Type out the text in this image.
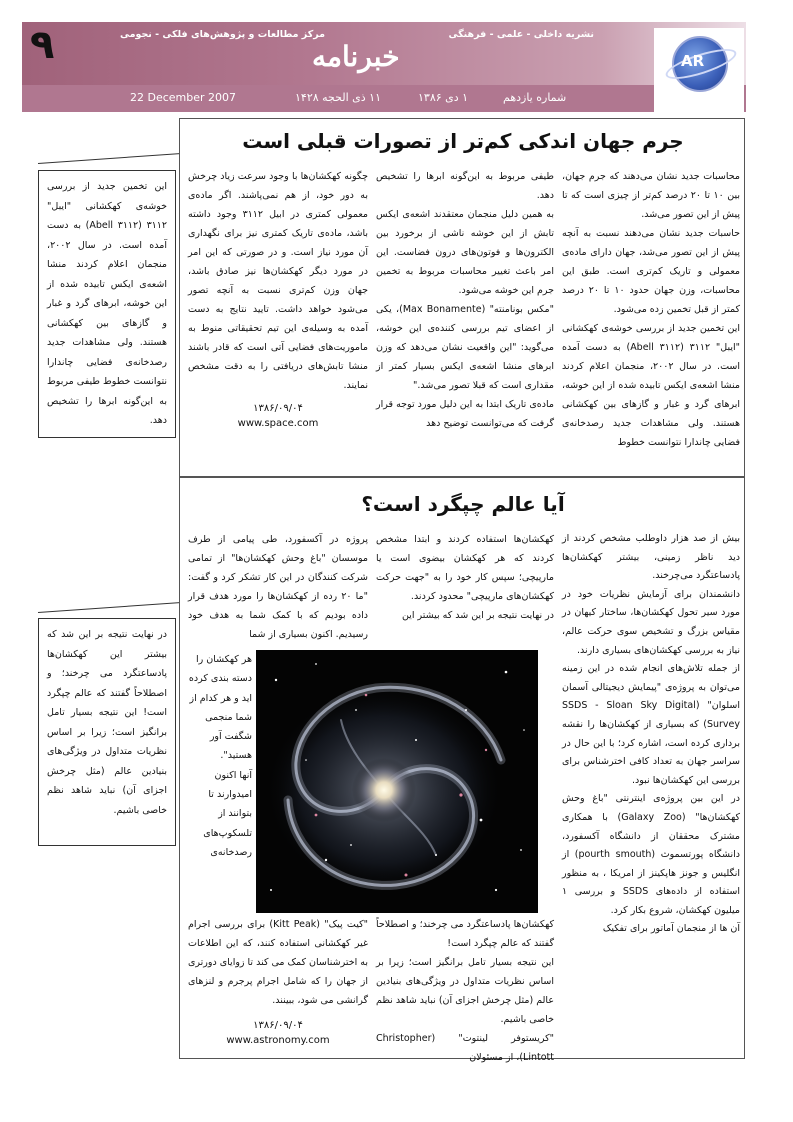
22 December 2007	۱۱ ذی الحجه ۱۴۲۸	۱ دی ۱۳۸۶	شماره یازدهم
۹	نشریه داخلی - علمی - فرهنگی
مرکز مطالعات و پژوهش‌های فلکی - نجومی
خبرنامه	AR
این تخمین جدید از بررسی خوشه‌ی کهکشانی "ایبل" ۳۱۱۲ (Abell ۳۱۱۲) به دست آمده است. در سال ۲۰۰۲، منجمان اعلام کردند منشا اشعه‌ی ایکس تابیده شده از این خوشه، ابرهای گرد و غبار و گازهای بین کهکشانی هستند. ولی مشاهدات جدید رصدخانه‌ی فضایی چاندارا نتوانست خطوط طیفی مربوط به این‌گونه ابرها را تشخیص دهد.
در نهایت نتیجه بر این شد که بیشتر این کهکشان‌ها پادساعتگرد می چرخند؛ و اصطلاحاً گفتند که عالم چپگرد است! این نتیجه بسیار تامل برانگیز است؛ زیرا بر اساس نظریات متداول در ویژگی‌های بنیادین عالم (مثل چرخش اجزای آن) نباید شاهد نظم خاصی باشیم.
جرم جهان اندکی کم‌تر از تصورات قبلی است

محاسبات جدید نشان می‌دهند که جرم جهان، بین ۱۰ تا ۲۰ درصد کم‌تر از چیزی است که تا پیش از این تصور می‌شد.

حاسبات جدید نشان می‌دهند نسبت به آنچه پیش از این تصور می‌شد، جهان دارای ماده‌ی معمولی و تاریک کم‌تری است. طبق این محاسبات، وزن جهان حدود ۱۰ تا ۲۰ درصد کمتر از قبل تخمین زده می‌شود.

این تخمین جدید از بررسی خوشه‌ی کهکشانی "ایبل" ۳۱۱۲ (Abell ۳۱۱۲) به دست آمده است. در سال ۲۰۰۲، منجمان اعلام کردند منشا اشعه‌ی ایکس تابیده شده از این خوشه، ابرهای گرد و غبار و گازهای بین کهکشانی هستند. ولی مشاهدات جدید رصدخانه‌ی فضایی چاندارا نتوانست خطوط

طیفی مربوط به این‌گونه ابرها را تشخیص دهد.

به همین دلیل منجمان معتقدند اشعه‌ی ایکس تابش از این خوشه ناشی از برخورد بین الکترون‌ها و فوتون‌های درون فضاست. این امر باعث تغییر محاسبات مربوط به تخمین جرم این خوشه می‌شود.

"مکس بونامنته" (Max Bonamente)، یکی از اعضای تیم بررسی کننده‌ی این خوشه، می‌گوید: "این واقعیت نشان می‌دهد که وزن ابرهای منشا اشعه‌ی ایکس بسیار کمتر از مقداری است که قبلا تصور می‌شد."

ماده‌ی تاریک ابتدا به این دلیل مورد توجه قرار گرفت که می‌توانست توضیح دهد

چگونه کهکشان‌ها با وجود سرعت زیاد چرخش به دور خود، از هم نمی‌پاشند. اگر ماده‌ی معمولی کمتری در ابیل ۳۱۱۲ وجود داشته باشد، ماده‌ی تاریک کمتری نیز برای نگهداری آن مورد نیاز است. و در صورتی که این امر در مورد دیگر کهکشان‌ها نیز صادق باشد، جهان وزن کم‌تری نسبت به آنچه تصور می‌شود خواهد داشت. تایید نتایج به دست آمده به وسیله‌ی این تیم تحقیقاتی منوط به ماموریت‌های فضایی آتی است که قادر باشند منشا تابش‌های دریافتی را به دقت مشخص نمایند.

۱۳۸۶/۰۹/۰۴
www.space.com
آیا عالم چپگرد است؟

بیش از صد هزار داوطلب مشخص کردند از دید ناظر زمینی، بیشتر کهکشان‌ها پادساعتگرد می‌چرخند.

دانشمندان برای آزمایش نظریات خود در مورد سیر تحول کهکشان‌ها، ساختار کیهان در مقیاس بزرگ و تشخیص سوی حرکت عالم، نیاز به بررسی کهکشان‌های بسیاری دارند.

از جمله تلاش‌های انجام شده در این زمینه می‌توان به پروژه‌ی "پیمایش دیجیتالی آسمان اسلوان" (SSDS - Sloan Sky Digital Survey) که بسیاری از کهکشان‌ها را نقشه برداری کرده است، اشاره کرد؛ با این حال در سراسر جهان به تعداد کافی اخترشناس برای بررسی این کهکشان‌ها نبود.

در این بین پروژه‌ی اینترنتی "باغ وحش کهکشان‌ها" (Galaxy Zoo) با همکاری مشترک محققان از دانشگاه آکسفورد، دانشگاه پورتسموث (pourth smouth) از انگلیس و جونز هاپکینز از امریکا ، به منظور استفاده از داده‌های SSDS و بررسی ۱ میلیون کهکشان، شروع بکار کرد.

آن ها از منجمان آماتور برای تفکیک

کهکشان‌ها استفاده کردند و ابتدا مشخص کردند که هر کهکشان بیضوی است یا مارپیچی؛ سپس کار خود را به "جهت حرکت کهکشان‌های مارپیچی" محدود کردند.

در نهایت نتیجه بر این شد که بیشتر این

پروژه در آکسفورد، طی پیامی از طرف موسسان "باغ وحش کهکشان‌ها" از تمامی شرکت کنندگان در این کار تشکر کرد و گفت: "ما ۲۰ رده از کهکشان‌ها را مورد هدف قرار داده بودیم که با کمک شما به هدف خود رسیدیم. اکنون بسیاری از شما

هر کهکشان را دسته بندی کرده اید و هر کدام از شما منجمی شگفت آور هستید".

آنها اکنون امیدوارند تا بتوانند از تلسکوپ‌های رصدخانه‌ی

کهکشان‌ها پادساعتگرد می چرخند؛ و اصطلاحاً گفتند که عالم چپگرد است!

این نتیجه بسیار تامل برانگیز است؛ زیرا بر اساس نظریات متداول در ویژگی‌های بنیادین عالم (مثل چرخش اجزای آن) نباید شاهد نظم خاصی باشیم.

"کریستوفر لینتوت" (Christopher Lintott)، از مسئولان

"کیت پیک" (Kitt Peak) برای بررسی اجرام غیر کهکشانی استفاده کنند، که این اطلاعات به اخترشناسان کمک می کند تا زوایای دورتری از جهان را که شامل اجرام پرجرم و لنزهای گرانشی می شود، ببینند.

۱۳۸۶/۰۹/۰۴
www.astronomy.com
